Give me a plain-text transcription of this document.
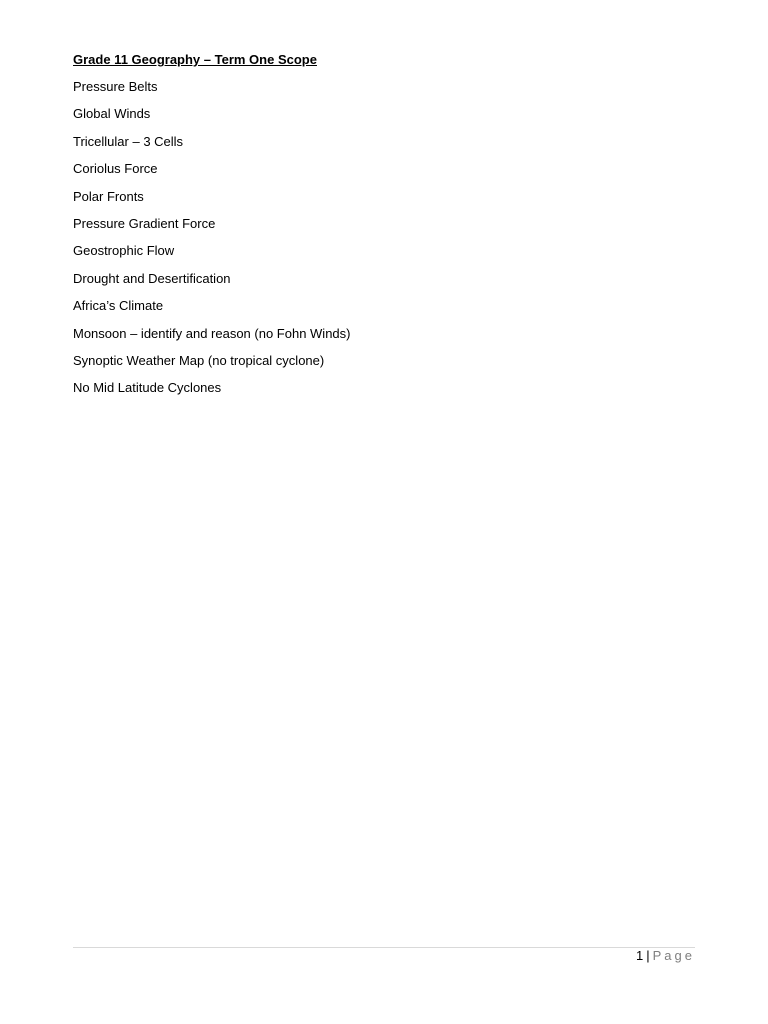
Grade 11 Geography – Term One Scope
Pressure Belts
Global Winds
Tricellular – 3 Cells
Coriolus Force
Polar Fronts
Pressure Gradient Force
Geostrophic Flow
Drought and Desertification
Africa’s Climate
Monsoon – identify and reason (no Fohn Winds)
Synoptic Weather Map (no tropical cyclone)
No Mid Latitude Cyclones
1 | Page
